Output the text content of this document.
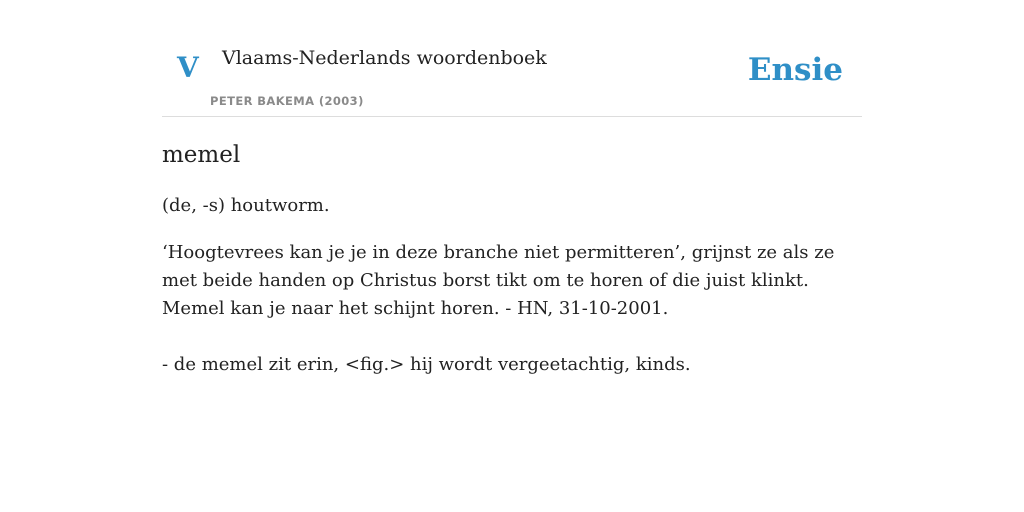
V Vlaams-Nederlands woordenboek
PETER BAKEMA (2003)
Ensie
memel

(de, -s) houtworm.

‘Hoogtevrees kan je je in deze branche niet permitteren’, grijnst ze als ze met beide handen op Christus borst tikt om te horen of die juist klinkt. Memel kan je naar het schijnt horen. - HN, 31-10-2001.

- de memel zit erin, <fig.> hij wordt vergeetachtig, kinds.
